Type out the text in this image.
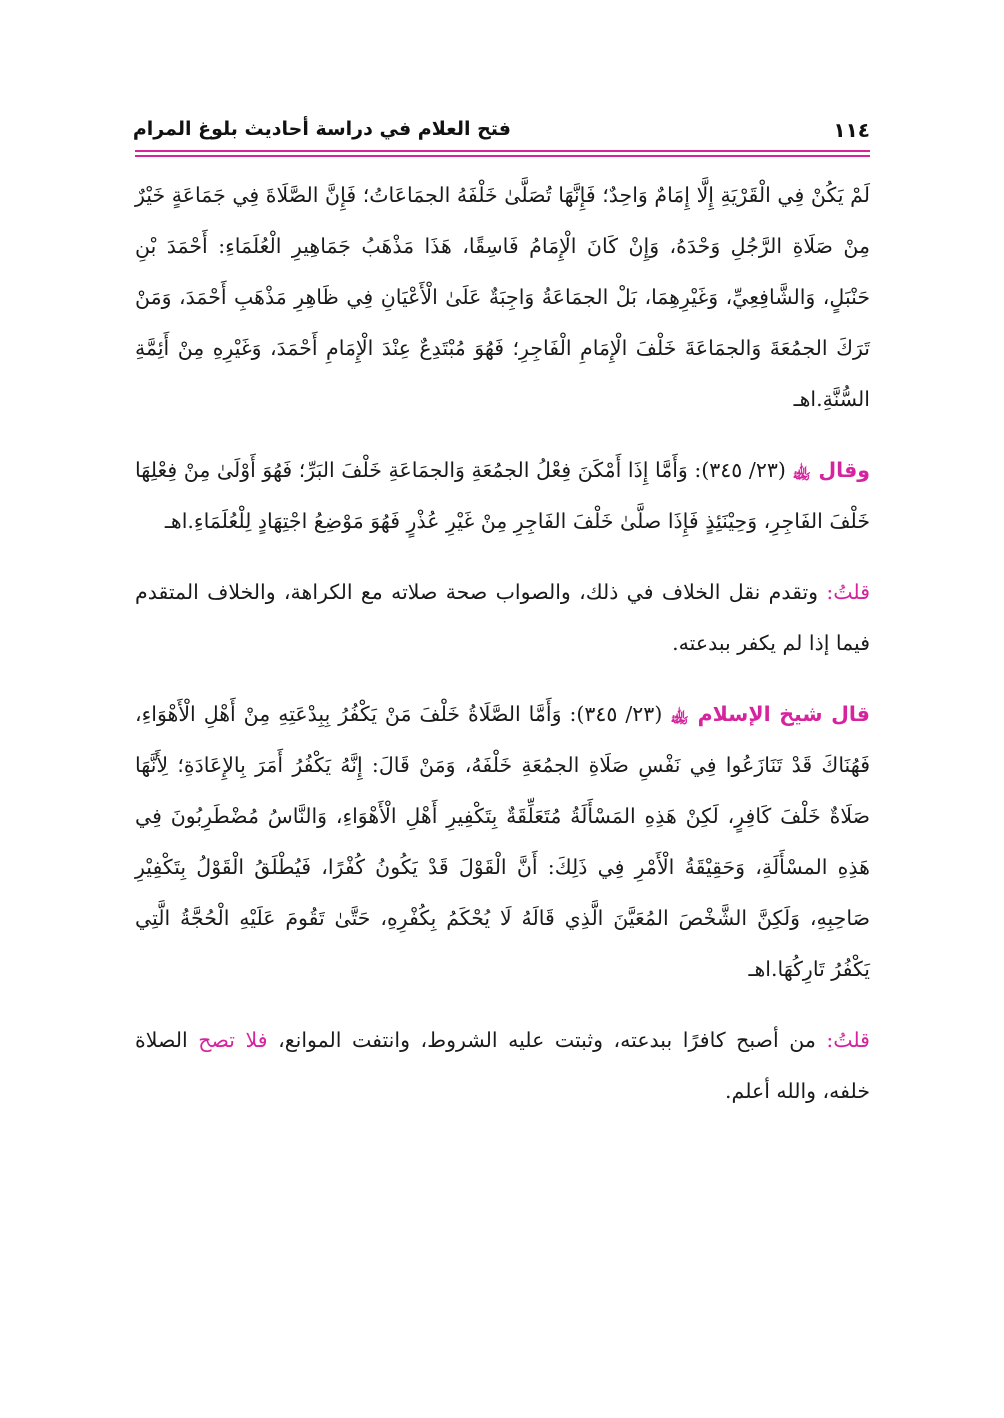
فتح العلام في دراسة أحاديث بلوغ المرام	١١٤

لَمْ يَكُنْ فِي الْقَرْيَةِ إِلَّا إِمَامٌ وَاحِدٌ؛ فَإِنَّهَا تُصَلَّىٰ خَلْفَهُ الجمَاعَاتُ؛ فَإِنَّ الصَّلَاةَ فِي جَمَاعَةٍ خَيْرٌ مِنْ صَلَاةِ الرَّجُلِ وَحْدَهُ، وَإِنْ كَانَ الْإِمَامُ فَاسِقًا، هَذَا مَذْهَبُ جَمَاهِيرِ الْعُلَمَاءِ: أَحْمَدَ بْنِ حَنْبَلٍ، وَالشَّافِعِيِّ، وَغَيْرِهِمَا، بَلْ الجمَاعَةُ وَاجِبَةٌ عَلَىٰ الْأَعْيَانِ فِي ظَاهِرِ مَذْهَبِ أَحْمَدَ، وَمَنْ تَرَكَ الجمُعَةَ وَالجمَاعَةَ خَلْفَ الْإِمَامِ الْفَاجِرِ؛ فَهُوَ مُبْتَدِعٌ عِنْدَ الْإِمَامِ أَحْمَدَ، وَغَيْرِهِ مِنْ أَئِمَّةِ السُّنَّةِ.اهـ

وقال ﵀ (٢٣/ ٣٤٥): وَأَمَّا إِذَا أَمْكَنَ فِعْلُ الجمُعَةِ وَالجمَاعَةِ خَلْفَ البَرِّ؛ فَهُوَ أَوْلَىٰ مِنْ فِعْلِهَا خَلْفَ الفَاجِرِ، وَحِيْنَئِذٍ فَإِذَا صلَّىٰ خَلْفَ الفَاجِرِ مِنْ غَيْرِ عُذْرٍ فَهُوَ مَوْضِعُ اجْتِهَادٍ لِلْعُلَمَاءِ.اهـ

قلتُ: وتقدم نقل الخلاف في ذلك، والصواب صحة صلاته مع الكراهة، والخلاف المتقدم فيما إذا لم يكفر ببدعته.

قال شيخ الإسلام ﵀ (٢٣/ ٣٤٥): وَأَمَّا الصَّلَاةُ خَلْفَ مَنْ يَكْفُرُ بِبِدْعَتِهِ مِنْ أَهْلِ الْأَهْوَاءِ، فَهُنَاكَ قَدْ تَنَازَعُوا فِي نَفْسِ صَلَاةِ الجمُعَةِ خَلْفَهُ، وَمَنْ قَالَ: إِنَّهُ يَكْفُرُ أَمَرَ بِالإِعَادَةِ؛ لِأَنَّهَا صَلَاةٌ خَلْفَ كَافِرٍ، لَكِنْ هَذِهِ المَسْأَلَةُ مُتَعَلِّقَةٌ بِتَكْفِيرِ أَهْلِ الْأَهْوَاءِ، وَالنَّاسُ مُضْطَرِبُونَ فِي هَذِهِ المسْأَلَةِ، وَحَقِيْقَةُ الْأَمْرِ فِي ذَلِكَ: أَنَّ الْقَوْلَ قَدْ يَكُونُ كُفْرًا، فَيُطْلَقُ الْقَوْلُ بِتَكْفِيْرِ صَاحِبِهِ، وَلَكِنَّ الشَّخْصَ المُعَيَّنَ الَّذِي قَالَهُ لَا يُحْكَمُ بِكُفْرِهِ، حَتَّىٰ تَقُومَ عَلَيْهِ الْحُجَّةُ الَّتِي يَكْفُرُ تَارِكُهَا.اهـ

قلتُ: من أصبح كافرًا ببدعته، وثبتت عليه الشروط، وانتفت الموانع، فلا تصح الصلاة خلفه، والله أعلم.
